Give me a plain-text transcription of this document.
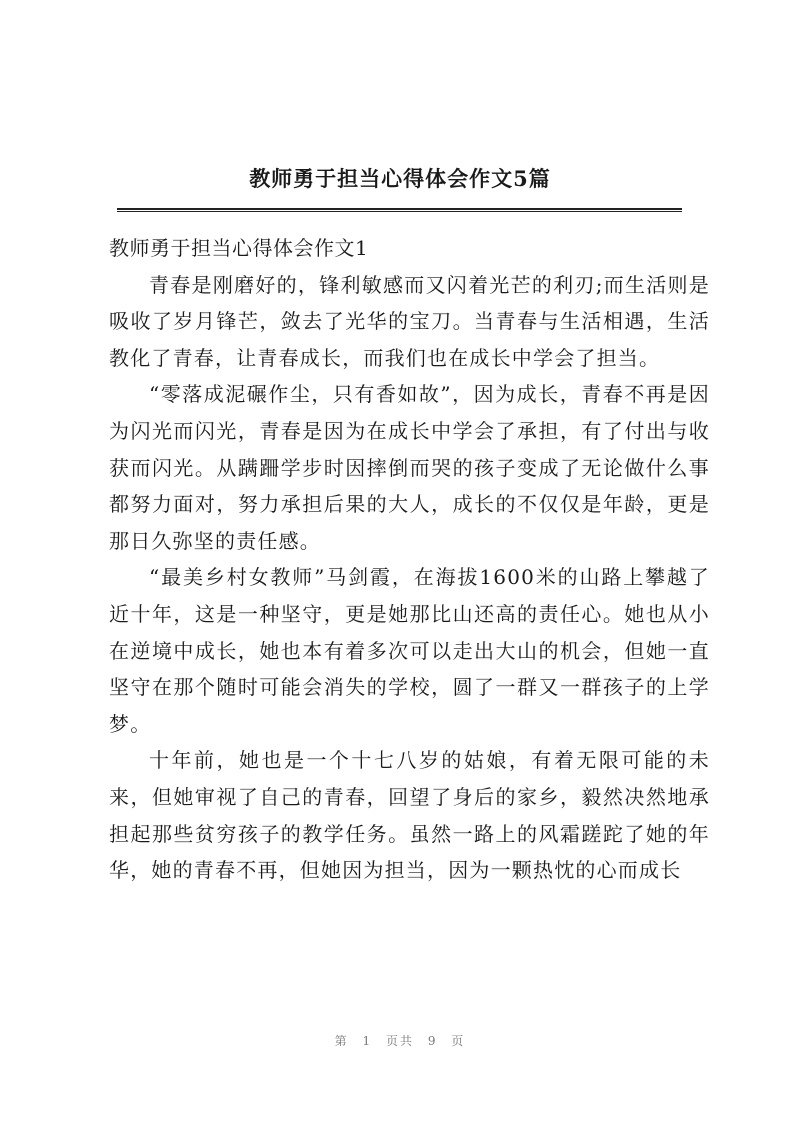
教师勇于担当心得体会作文5篇

教师勇于担当心得体会作文1

青春是刚磨好的，锋利敏感而又闪着光芒的利刃;而生活则是吸收了岁月锋芒，敛去了光华的宝刀。当青春与生活相遇，生活教化了青春，让青春成长，而我们也在成长中学会了担当。

“零落成泥碾作尘，只有香如故”，因为成长，青春不再是因为闪光而闪光，青春是因为在成长中学会了承担，有了付出与收获而闪光。从蹒跚学步时因摔倒而哭的孩子变成了无论做什么事都努力面对，努力承担后果的大人，成长的不仅仅是年龄，更是那日久弥坚的责任感。

“最美乡村女教师”马剑霞，在海拔1600米的山路上攀越了近十年，这是一种坚守，更是她那比山还高的责任心。她也从小在逆境中成长，她也本有着多次可以走出大山的机会，但她一直坚守在那个随时可能会消失的学校，圆了一群又一群孩子的上学梦。

十年前，她也是一个十七八岁的姑娘，有着无限可能的未来，但她审视了自己的青春，回望了身后的家乡，毅然决然地承担起那些贫穷孩子的教学任务。虽然一路上的风霜蹉跎了她的年华，她的青春不再，但她因为担当，因为一颗热忱的心而成长

第 1 页共 9 页
